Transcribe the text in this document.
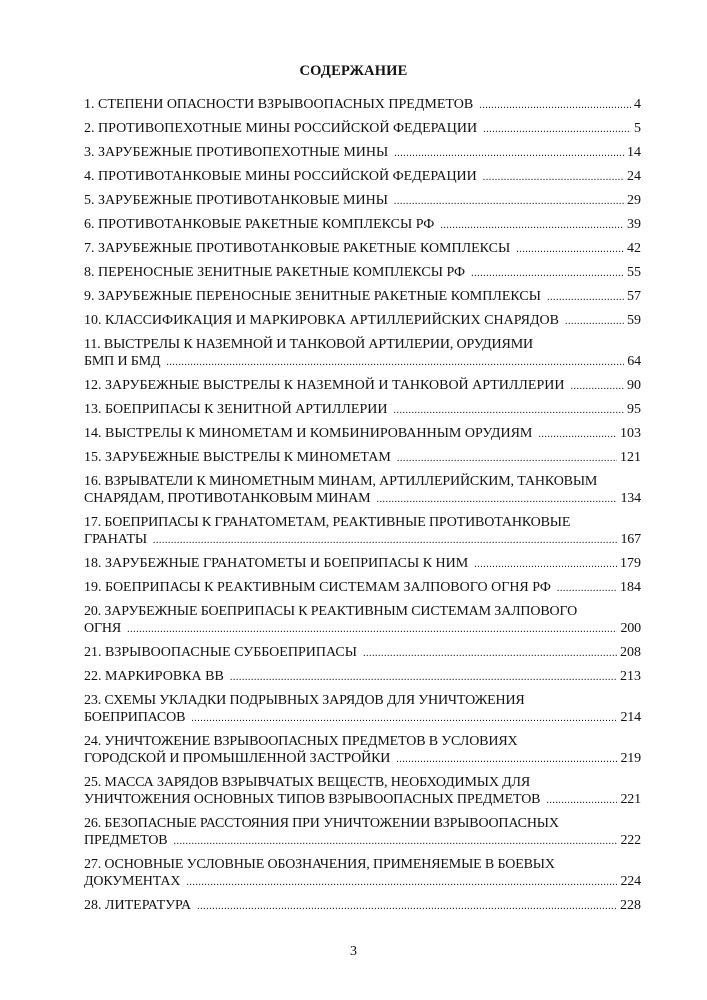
СОДЕРЖАНИЕ
1. СТЕПЕНИ ОПАСНОСТИ ВЗРЫВООПАСНЫХ ПРЕДМЕТОВ .....	4
2. ПРОТИВОПЕХОТНЫЕ МИНЫ РОССИЙСКОЙ ФЕДЕРАЦИИ .....	5
3. ЗАРУБЕЖНЫЕ ПРОТИВОПЕХОТНЫЕ МИНЫ .....	14
4. ПРОТИВОТАНКОВЫЕ МИНЫ РОССИЙСКОЙ ФЕДЕРАЦИИ .....	24
5. ЗАРУБЕЖНЫЕ ПРОТИВОТАНКОВЫЕ МИНЫ .....	29
6. ПРОТИВОТАНКОВЫЕ РАКЕТНЫЕ КОМПЛЕКСЫ РФ .....	39
7. ЗАРУБЕЖНЫЕ ПРОТИВОТАНКОВЫЕ РАКЕТНЫЕ КОМПЛЕКСЫ .....	42
8. ПЕРЕНОСНЫЕ ЗЕНИТНЫЕ РАКЕТНЫЕ КОМПЛЕКСЫ РФ .....	55
9. ЗАРУБЕЖНЫЕ ПЕРЕНОСНЫЕ ЗЕНИТНЫЕ РАКЕТНЫЕ КОМПЛЕКСЫ .....	57
10. КЛАССИФИКАЦИЯ И МАРКИРОВКА АРТИЛЛЕРИЙСКИХ СНАРЯДОВ .....	59
11. ВЫСТРЕЛЫ К НАЗЕМНОЙ И ТАНКОВОЙ АРТИЛЕРИИ, ОРУДИЯМИ
БМП И БМД .....	64
12. ЗАРУБЕЖНЫЕ ВЫСТРЕЛЫ К НАЗЕМНОЙ И ТАНКОВОЙ АРТИЛЛЕРИИ .....	90
13. БОЕПРИПАСЫ К ЗЕНИТНОЙ АРТИЛЛЕРИИ .....	95
14. ВЫСТРЕЛЫ К МИНОМЕТАМ И КОМБИНИРОВАННЫМ ОРУДИЯМ .....	103
15. ЗАРУБЕЖНЫЕ ВЫСТРЕЛЫ К МИНОМЕТАМ .....	121
16. ВЗРЫВАТЕЛИ К МИНОМЕТНЫМ МИНАМ, АРТИЛЛЕРИЙСКИМ, ТАНКОВЫМ
СНАРЯДАМ, ПРОТИВОТАНКОВЫМ МИНАМ .....	134
17. БОЕПРИПАСЫ К ГРАНАТОМЕТАМ, РЕАКТИВНЫЕ ПРОТИВОТАНКОВЫЕ
ГРАНАТЫ .....	167
18. ЗАРУБЕЖНЫЕ ГРАНАТОМЕТЫ И БОЕПРИПАСЫ К НИМ .....	179
19. БОЕПРИПАСЫ К РЕАКТИВНЫМ СИСТЕМАМ ЗАЛПОВОГО ОГНЯ РФ .....	184
20. ЗАРУБЕЖНЫЕ БОЕПРИПАСЫ К РЕАКТИВНЫМ СИСТЕМАМ ЗАЛПОВОГО
ОГНЯ .....	200
21. ВЗРЫВООПАСНЫЕ СУББОЕПРИПАСЫ .....	208
22. МАРКИРОВКА ВВ .....	213
23. СХЕМЫ УКЛАДКИ ПОДРЫВНЫХ ЗАРЯДОВ ДЛЯ УНИЧТОЖЕНИЯ
БОЕПРИПАСОВ .....	214
24. УНИЧТОЖЕНИЕ ВЗРЫВООПАСНЫХ ПРЕДМЕТОВ В УСЛОВИЯХ
ГОРОДСКОЙ И ПРОМЫШЛЕННОЙ ЗАСТРОЙКИ .....	219
25. МАССА ЗАРЯДОВ ВЗРЫВЧАТЫХ ВЕЩЕСТВ, НЕОБХОДИМЫХ ДЛЯ
УНИЧТОЖЕНИЯ ОСНОВНЫХ ТИПОВ ВЗРЫВООПАСНЫХ ПРЕДМЕТОВ .....	221
26. БЕЗОПАСНЫЕ РАССТОЯНИЯ ПРИ УНИЧТОЖЕНИИ ВЗРЫВООПАСНЫХ
ПРЕДМЕТОВ .....	222
27. ОСНОВНЫЕ УСЛОВНЫЕ ОБОЗНАЧЕНИЯ, ПРИМЕНЯЕМЫЕ В БОЕВЫХ
ДОКУМЕНТАХ .....	224
28. ЛИТЕРАТУРА .....	228
3
